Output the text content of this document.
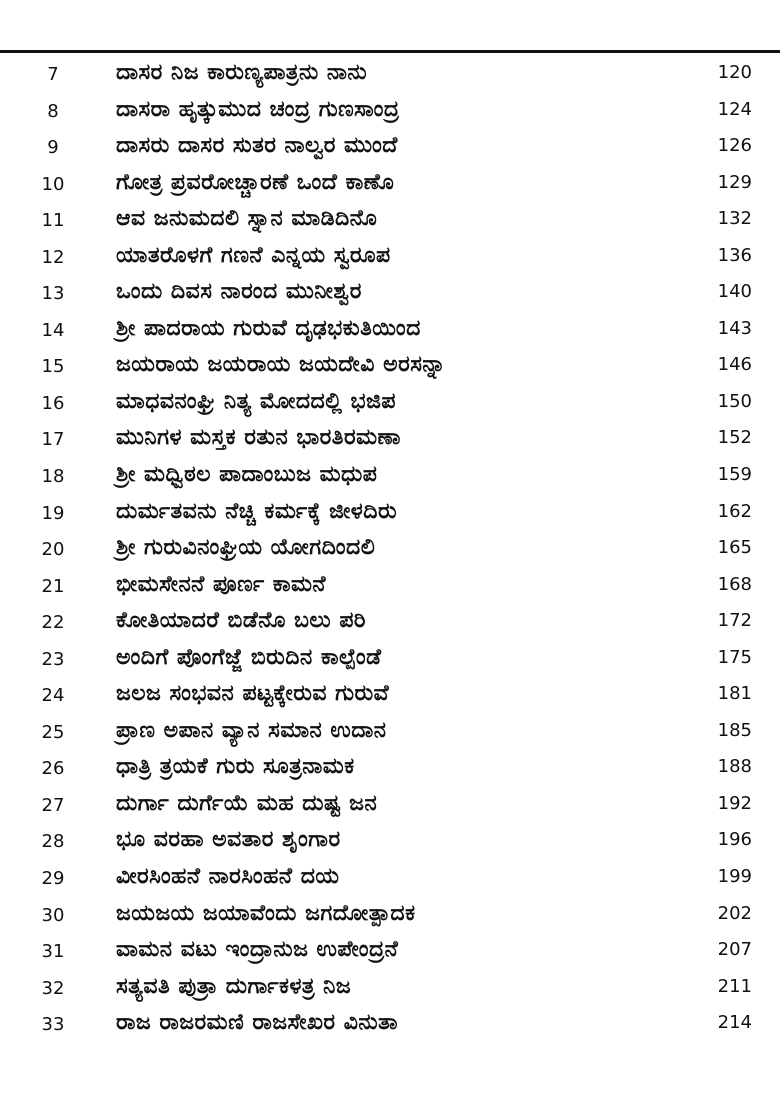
7	ದಾಸರ ನಿಜ ಕಾರುಣ್ಯಪಾತ್ರನು ನಾನು	120
8	ದಾಸರಾ ಹೃತ್ಕುಮುದ ಚಂದ್ರ ಗುಣಸಾಂದ್ರ	124
9	ದಾಸರು ದಾಸರ ಸುತರ ನಾಲ್ವರ ಮುಂದೆ	126
10	ಗೋತ್ರ ಪ್ರವರೋಚ್ಚಾರಣೆ ಒಂದೆ ಕಾಣೊ	129
11	ಆವ ಜನುಮದಲಿ ಸ್ನಾನ ಮಾಡಿದಿನೊ	132
12	ಯಾತರೊಳಗೆ ಗಣನೆ ಎನ್ನಯ ಸ್ವರೂಪ	136
13	ಒಂದು ದಿವಸ ನಾರಂದ ಮುನೀಶ್ವರ	140
14	ಶ್ರೀ ಪಾದರಾಯ ಗುರುವೆ ದೃಢಭಕುತಿಯಿಂದ	143
15	ಜಯರಾಯ ಜಯರಾಯ ಜಯದೇವಿ ಅರಸನ್ನಾ	146
16	ಮಾಧವನಂಘ್ರಿ ನಿತ್ಯ ಮೋದದಲ್ಲಿ ಭಜಿಪ	150
17	ಮುನಿಗಳ ಮಸ್ತಕ ರತುನ ಭಾರತಿರಮಣಾ	152
18	ಶ್ರೀ ಮಧ್ವಿಠಲ ಪಾದಾಂಬುಜ ಮಧುಪ	159
19	ದುರ್ಮತವನು ನೆಚ್ಚಿ ಕರ್ಮಕ್ಕೆ ಜೀಳದಿರು	162
20	ಶ್ರೀ ಗುರುವಿನಂಘ್ರಿಯ ಯೋಗದಿಂದಲಿ	165
21	ಭೀಮಸೇನನೆ ಪೂರ್ಣ ಕಾಮನೆ	168
22	ಕೋತಿಯಾದರೆ ಬಿಡೆನೊ ಬಲು ಪರಿ	172
23	ಅಂದಿಗೆ ಪೊಂಗೆಜ್ಜೆ ಬಿರುದಿನ ಕಾಲ್ಪೆಂಡೆ	175
24	ಜಲಜ ಸಂಭವನ ಪಟ್ಟಕ್ಕೇರುವ ಗುರುವೆ	181
25	ಪ್ರಾಣ ಅಪಾನ ವ್ಯಾನ ಸಮಾನ ಉದಾನ	185
26	ಧಾತ್ರಿ ತ್ರಯಕೆ ಗುರು ಸೂತ್ರನಾಮಕ	188
27	ದುರ್ಗಾ ದುರ್ಗೆಯೆ ಮಹ ದುಷ್ಟ ಜನ	192
28	ಭೂ ವರಹಾ ಅವತಾರ ಶೃಂಗಾರ	196
29	ವೀರಸಿಂಹನೆ ನಾರಸಿಂಹನೆ ದಯ	199
30	ಜಯಜಯ ಜಯಾವೆಂದು ಜಗದೋತ್ಪಾದಕ	202
31	ವಾಮನ ವಟು ಇಂದ್ರಾನುಜ ಉಪೇಂದ್ರನೆ	207
32	ಸತ್ಯವತಿ ಪುತ್ರಾ ದುರ್ಗಾಕಳತ್ರ ನಿಜ	211
33	ರಾಜ ರಾಜರಮಣಿ ರಾಜಸೇಖರ ವಿನುತಾ	214
